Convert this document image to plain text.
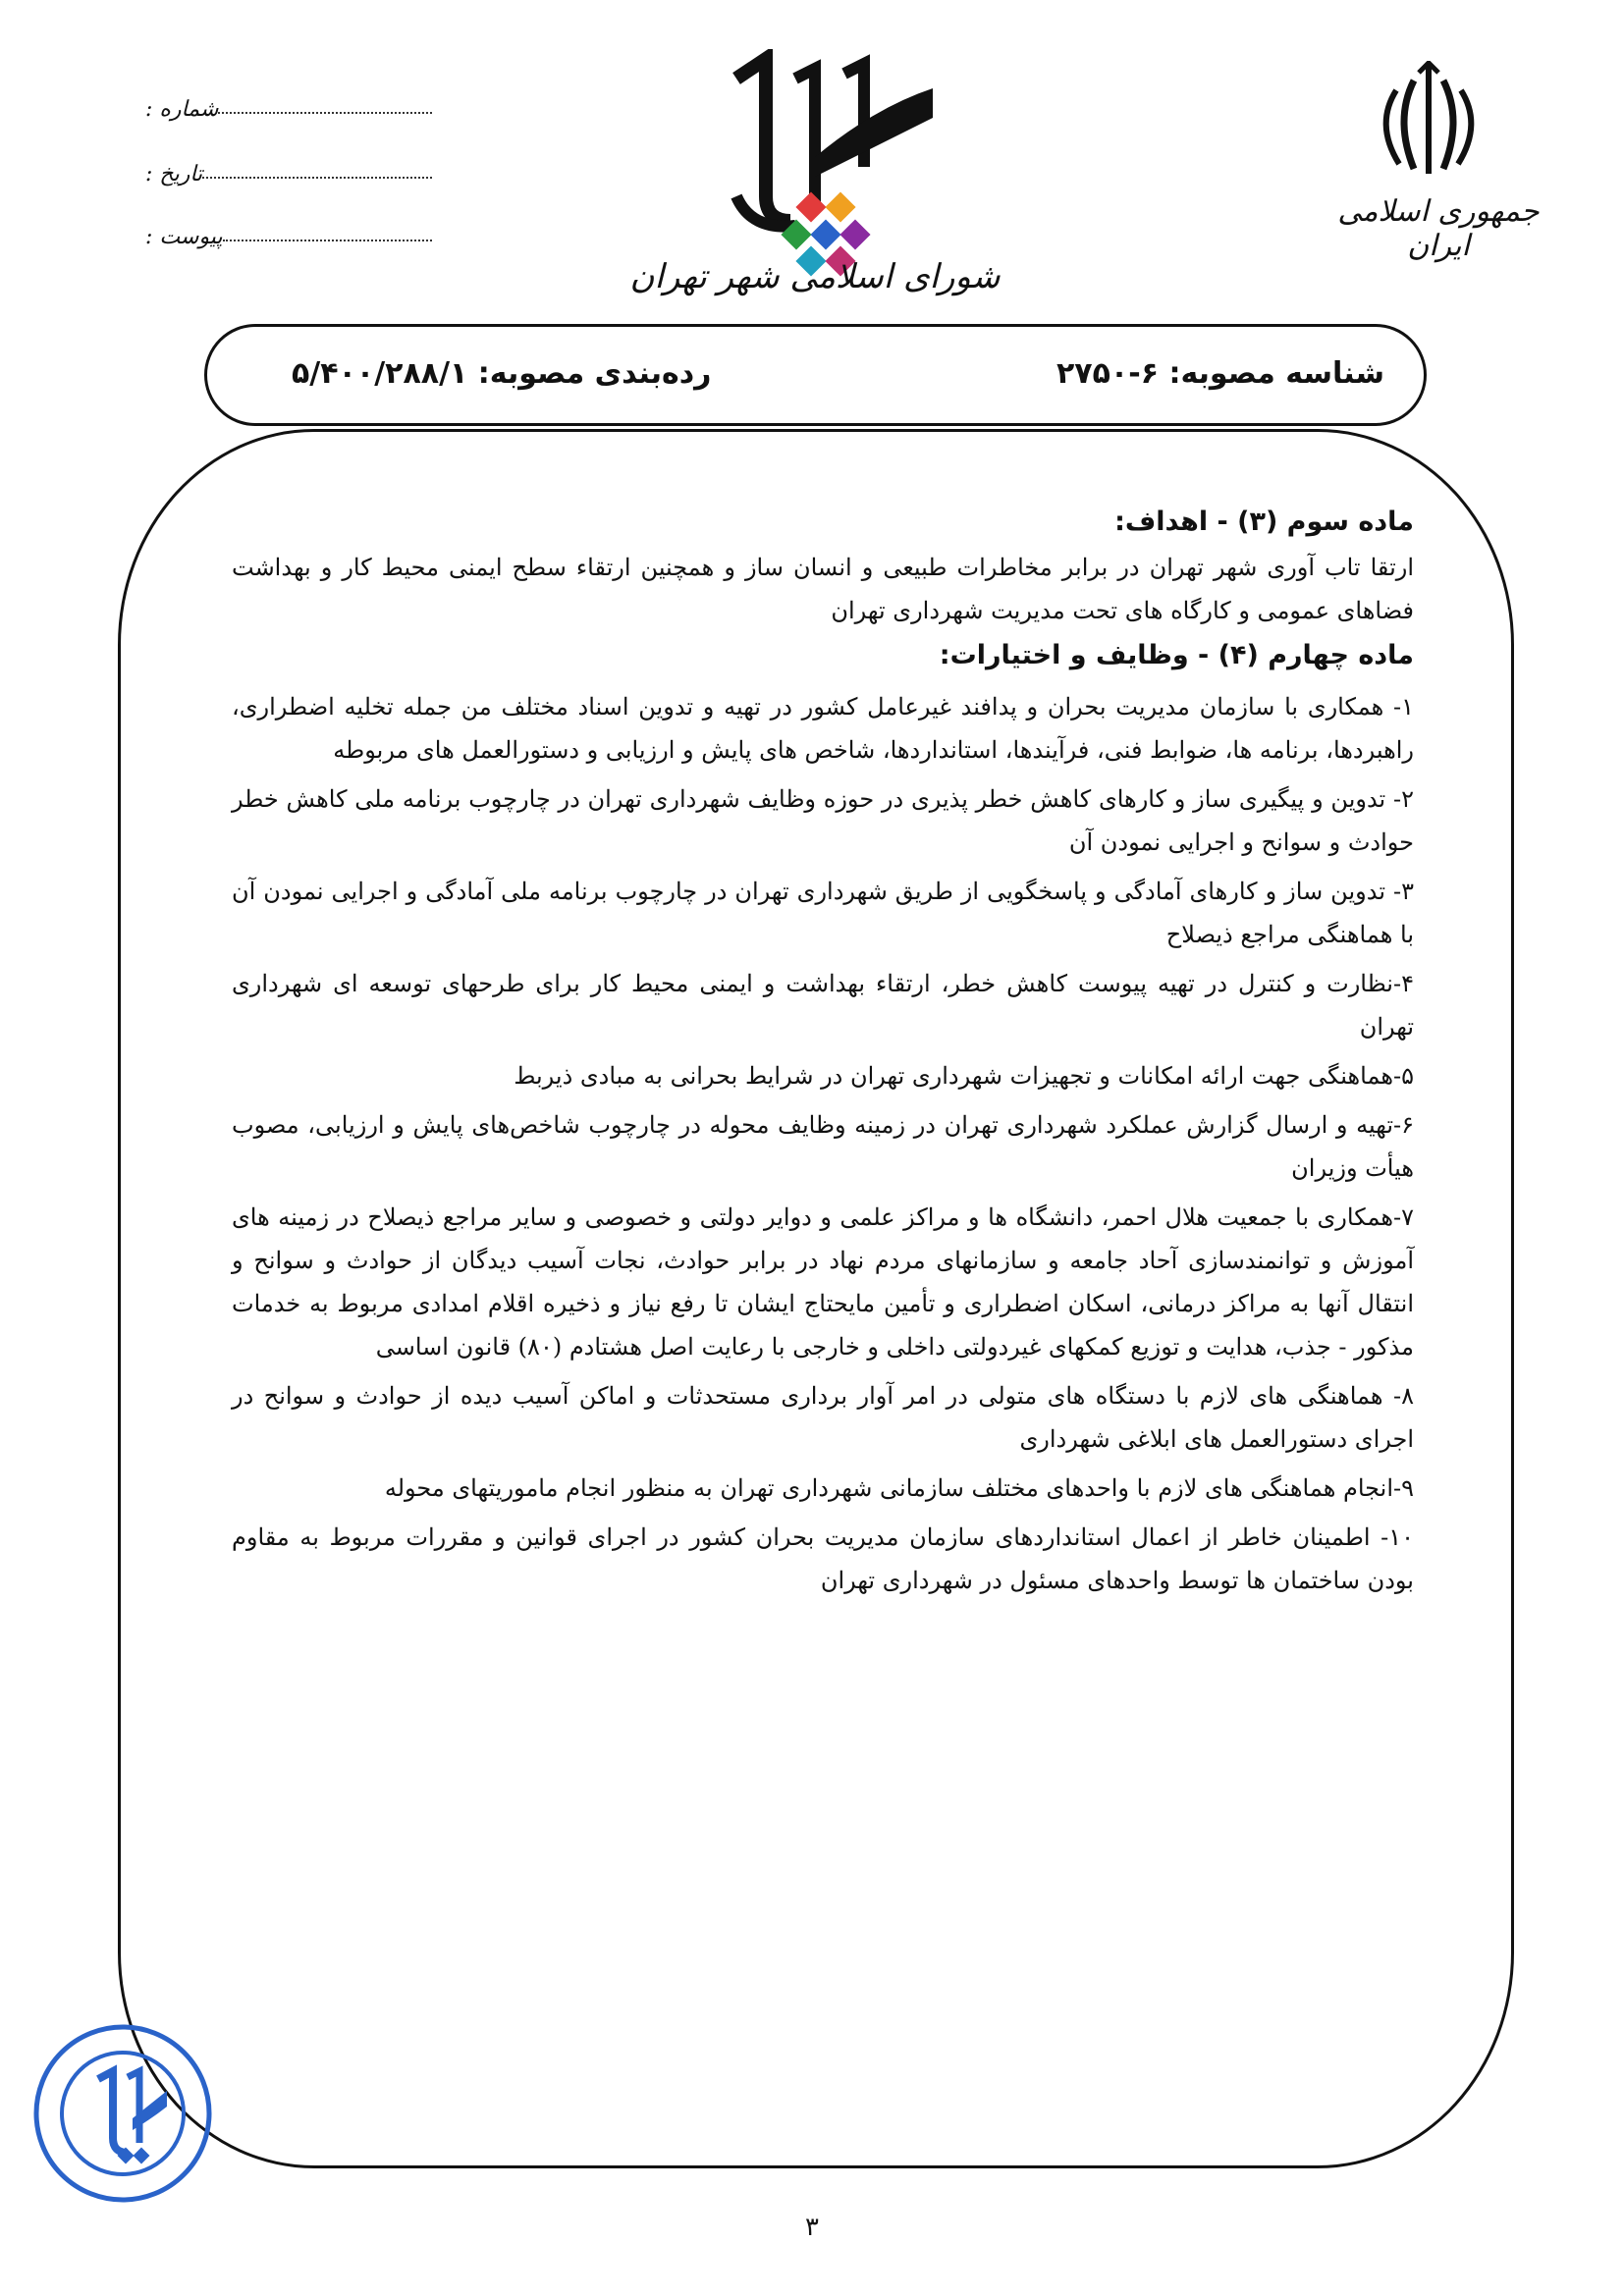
شماره :
تاریخ :
پیوست :
شورای اسلامی شهر تهران
جمهوری اسلامی ایران
شناسه مصوبه: ۶-۲۷۵۰
رده‌بندی مصوبه: ۵/۴۰۰/۲۸۸/۱
ماده سوم (۳) - اهداف:

ارتقا تاب آوری شهر تهران در برابر مخاطرات طبیعی و انسان ساز و همچنین ارتقاء سطح ایمنی محیط کار و بهداشت فضاهای عمومی و کارگاه های تحت مدیریت شهرداری تهران

ماده چهارم (۴) - وظایف و اختیارات:

۱- همکاری با سازمان مدیریت بحران و پدافند غیرعامل کشور در تهیه و تدوین اسناد مختلف من جمله تخلیه اضطراری، راهبردها، برنامه ها، ضوابط فنی، فرآیندها، استانداردها، شاخص های پایش و ارزیابی و دستورالعمل های مربوطه

۲- تدوین و پیگیری ساز و کارهای کاهش خطر پذیری در حوزه وظایف شهرداری تهران در چارچوب برنامه ملی کاهش خطر حوادث و سوانح و اجرایی نمودن آن

۳- تدوین ساز و کارهای آمادگی و پاسخگویی از طریق شهرداری تهران در چارچوب برنامه ملی آمادگی و اجرایی نمودن آن با هماهنگی مراجع ذیصلاح

۴-نظارت و کنترل در تهیه پیوست کاهش خطر، ارتقاء بهداشت و ایمنی محیط کار برای طرحهای توسعه ای شهرداری تهران

۵-هماهنگی جهت ارائه امکانات و تجهیزات شهرداری تهران در شرایط بحرانی به مبادی ذیربط

۶-تهیه و ارسال گزارش عملکرد شهرداری تهران در زمینه وظایف محوله در چارچوب شاخص‌های پایش و ارزیابی، مصوب هیأت وزیران

۷-همکاری با جمعیت هلال احمر، دانشگاه ها و مراکز علمی و دوایر دولتی و خصوصی و سایر مراجع ذیصلاح در زمینه های آموزش و توانمندسازی آحاد جامعه و سازمانهای مردم نهاد در برابر حوادث، نجات آسیب دیدگان از حوادث و سوانح و انتقال آنها به مراکز درمانی، اسکان اضطراری و تأمین مایحتاج ایشان تا رفع نیاز و ذخیره اقلام امدادی مربوط به خدمات مذکور - جذب، هدایت و توزیع کمکهای غیردولتی داخلی و خارجی با رعایت اصل هشتادم (۸۰) قانون اساسی

۸- هماهنگی های لازم با دستگاه های متولی در امر آوار برداری مستحدثات و اماکن آسیب دیده از حوادث و سوانح در اجرای دستورالعمل های ابلاغی شهرداری

۹-انجام هماهنگی های لازم با واحدهای مختلف سازمانی شهرداری تهران به منظور انجام ماموریتهای محوله

۱۰- اطمینان خاطر از اعمال استانداردهای سازمان مدیریت بحران کشور در اجرای قوانین و مقررات مربوط به مقاوم بودن ساختمان ها توسط واحدهای مسئول در شهرداری تهران

۳
